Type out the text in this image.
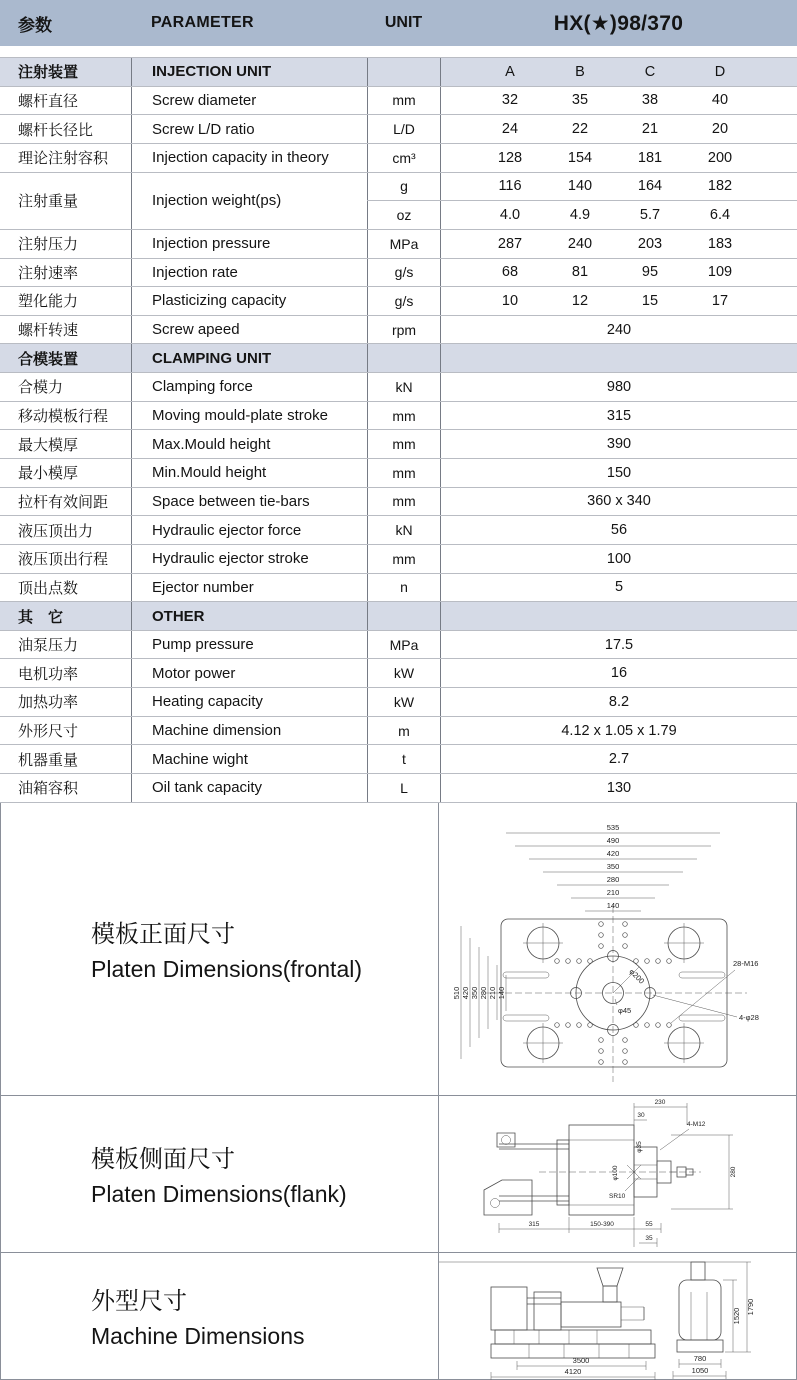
参数	PARAMETER	UNIT	HX(★)98/370
注射装置	INJECTION UNIT	A	B	C	D
螺杆直径	Screw diameter	mm	32	35	38	40
螺杆长径比	Screw L/D ratio	L/D	24	22	21	20
理论注射容积	Injection capacity in theory	cm³	128	154	181	200
注射重量	Injection weight(ps)
g	116	140	164	182
oz	4.0	4.9	5.7	6.4
注射压力	Injection pressure	MPa	287	240	203	183
注射速率	Injection rate	g/s	68	81	95	109
塑化能力	Plasticizing capacity	g/s	10	12	15	17
螺杆转速	Screw apeed	rpm	240
合模装置	CLAMPING UNIT
合模力	Clamping force	kN	980
移动模板行程	Moving mould-plate stroke	mm	315
最大模厚	Max.Mould height	mm	390
最小模厚	Min.Mould height	mm	150
拉杆有效间距	Space between tie-bars	mm	360 x 340
液压顶出力	Hydraulic ejector force	kN	56
液压顶出行程	Hydraulic ejector stroke	mm	100
顶出点数	Ejector number	n	5
其　它	OTHER
油泵压力	Pump pressure	MPa	17.5
电机功率	Motor power	kW	16
加热功率	Heating capacity	kW	8.2
外形尺寸	Machine dimension	m	4.12 x 1.05 x 1.79
机器重量	Machine wight	t	2.7
油箱容积	Oil tank capacity	L	130
模板正面尺寸
Platen Dimensions(frontal)
535
490
420
350
280
210
140
510 420 350 280 210 140
28-M16
4-φ28
φ200
φ45
模板侧面尺寸
Platen Dimensions(flank)
230
30
4-M12
280
φ100
φ35
SR10
315	150-390	55
35
外型尺寸
Machine Dimensions
3500
4120
780
1050
1520
1790
